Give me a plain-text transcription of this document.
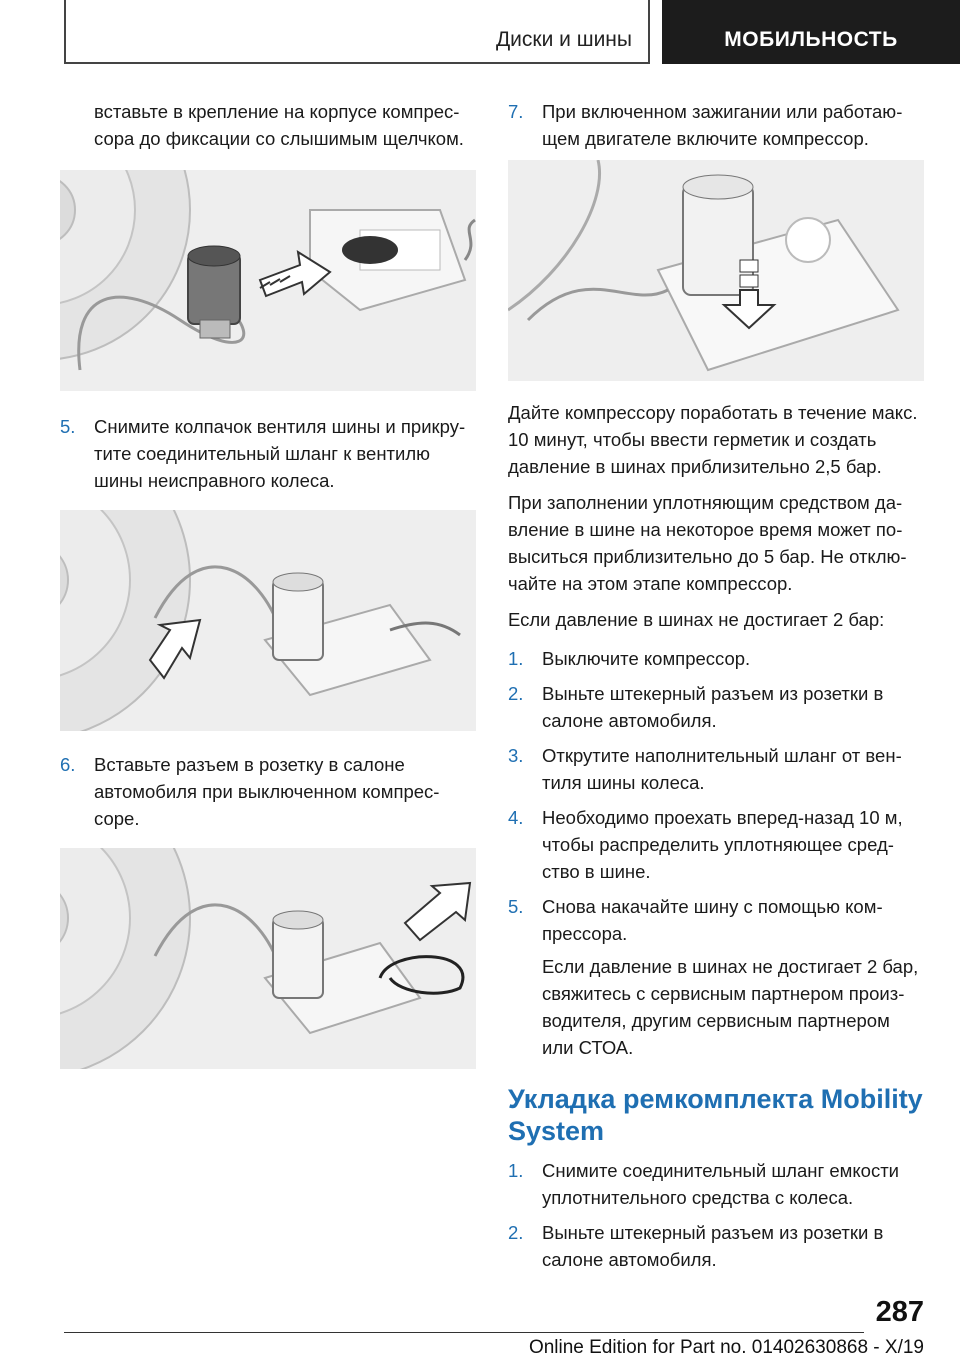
Диски и шины	МОБИЛЬНОСТЬ

вставьте в крепление на корпусе компрессора до фиксации со слышимым щелчком.

5.	Снимите колпачок вентиля шины и прикрутите соединительный шланг к вентилю шины неисправного колеса.
6.	Вставьте разъем в розетку в салоне автомобиля при выключенном компрессоре.
7.	При включенном зажигании или работающем двигателе включите компрессор.

Дайте компрессору поработать в течение макс. 10 минут, чтобы ввести герметик и создать давление в шинах приблизительно 2,5 бар.

При заполнении уплотняющим средством давление в шине на некоторое время может повыситься приблизительно до 5 бар. Не отключайте на этом этапе компрессор.

Если давление в шинах не достигает 2 бар:

1.	Выключите компрессор.
2.	Выньте штекерный разъем из розетки в салоне автомобиля.
3.	Открутите наполнительный шланг от вентиля шины колеса.
4.	Необходимо проехать вперед-назад 10 м, чтобы распределить уплотняющее средство в шине.
5.	Снова накачайте шину с помощью компрессора.

Если давление в шинах не достигает 2 бар, свяжитесь с сервисным партнером производителя, другим сервисным партнером или СТОА.

Укладка ремкомплекта Mobility System
1.	Снимите соединительный шланг емкости уплотнительного средства с колеса.
2.	Выньте штекерный разъем из розетки в салоне автомобиля.
287
Online Edition for Part no. 01402630868 - X/19
